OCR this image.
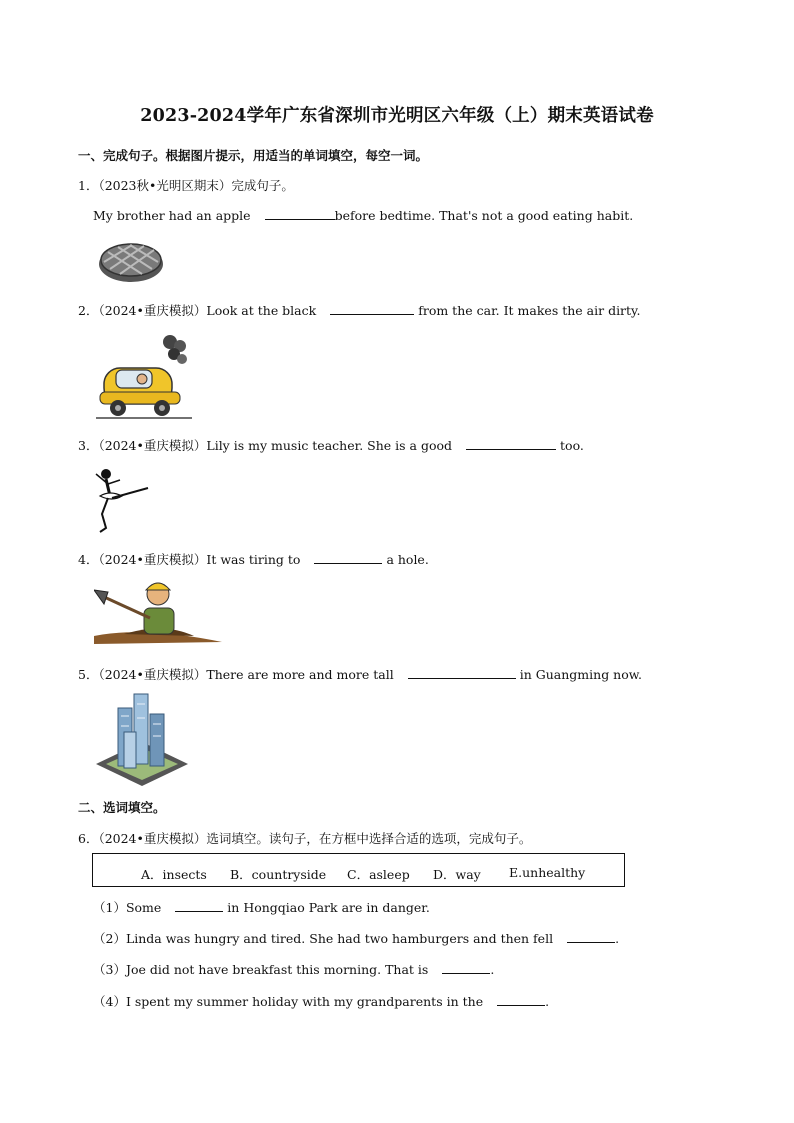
2023-2024学年广东省深圳市光明区六年级（上）期末英语试卷
一、完成句子。根据图片提示，用适当的单词填空，每空一词。
1．（2023秋•光明区期末）完成句子。
My brother had an apple	before bedtime. That's not a good eating habit.
2．（2024•重庆模拟）Look at the black	from the car. It makes the air dirty.
3．（2024•重庆模拟）Lily is my music teacher. She is a good	too.
4．（2024•重庆模拟）It was tiring to	a hole.
5．（2024•重庆模拟）There are more and more tall	in Guangming now.
二、选词填空。
6．（2024•重庆模拟）选词填空。读句子，在方框中选择合适的选项，完成句子。
A．insects B．countryside C．asleep D．way E.unhealthy
（1）Some	in Hongqiao Park are in danger.
（2）Linda was hungry and tired. She had two hamburgers and then fell	.
（3）Joe did not have breakfast this morning. That is	.
（4）I spent my summer holiday with my grandparents in the	.
